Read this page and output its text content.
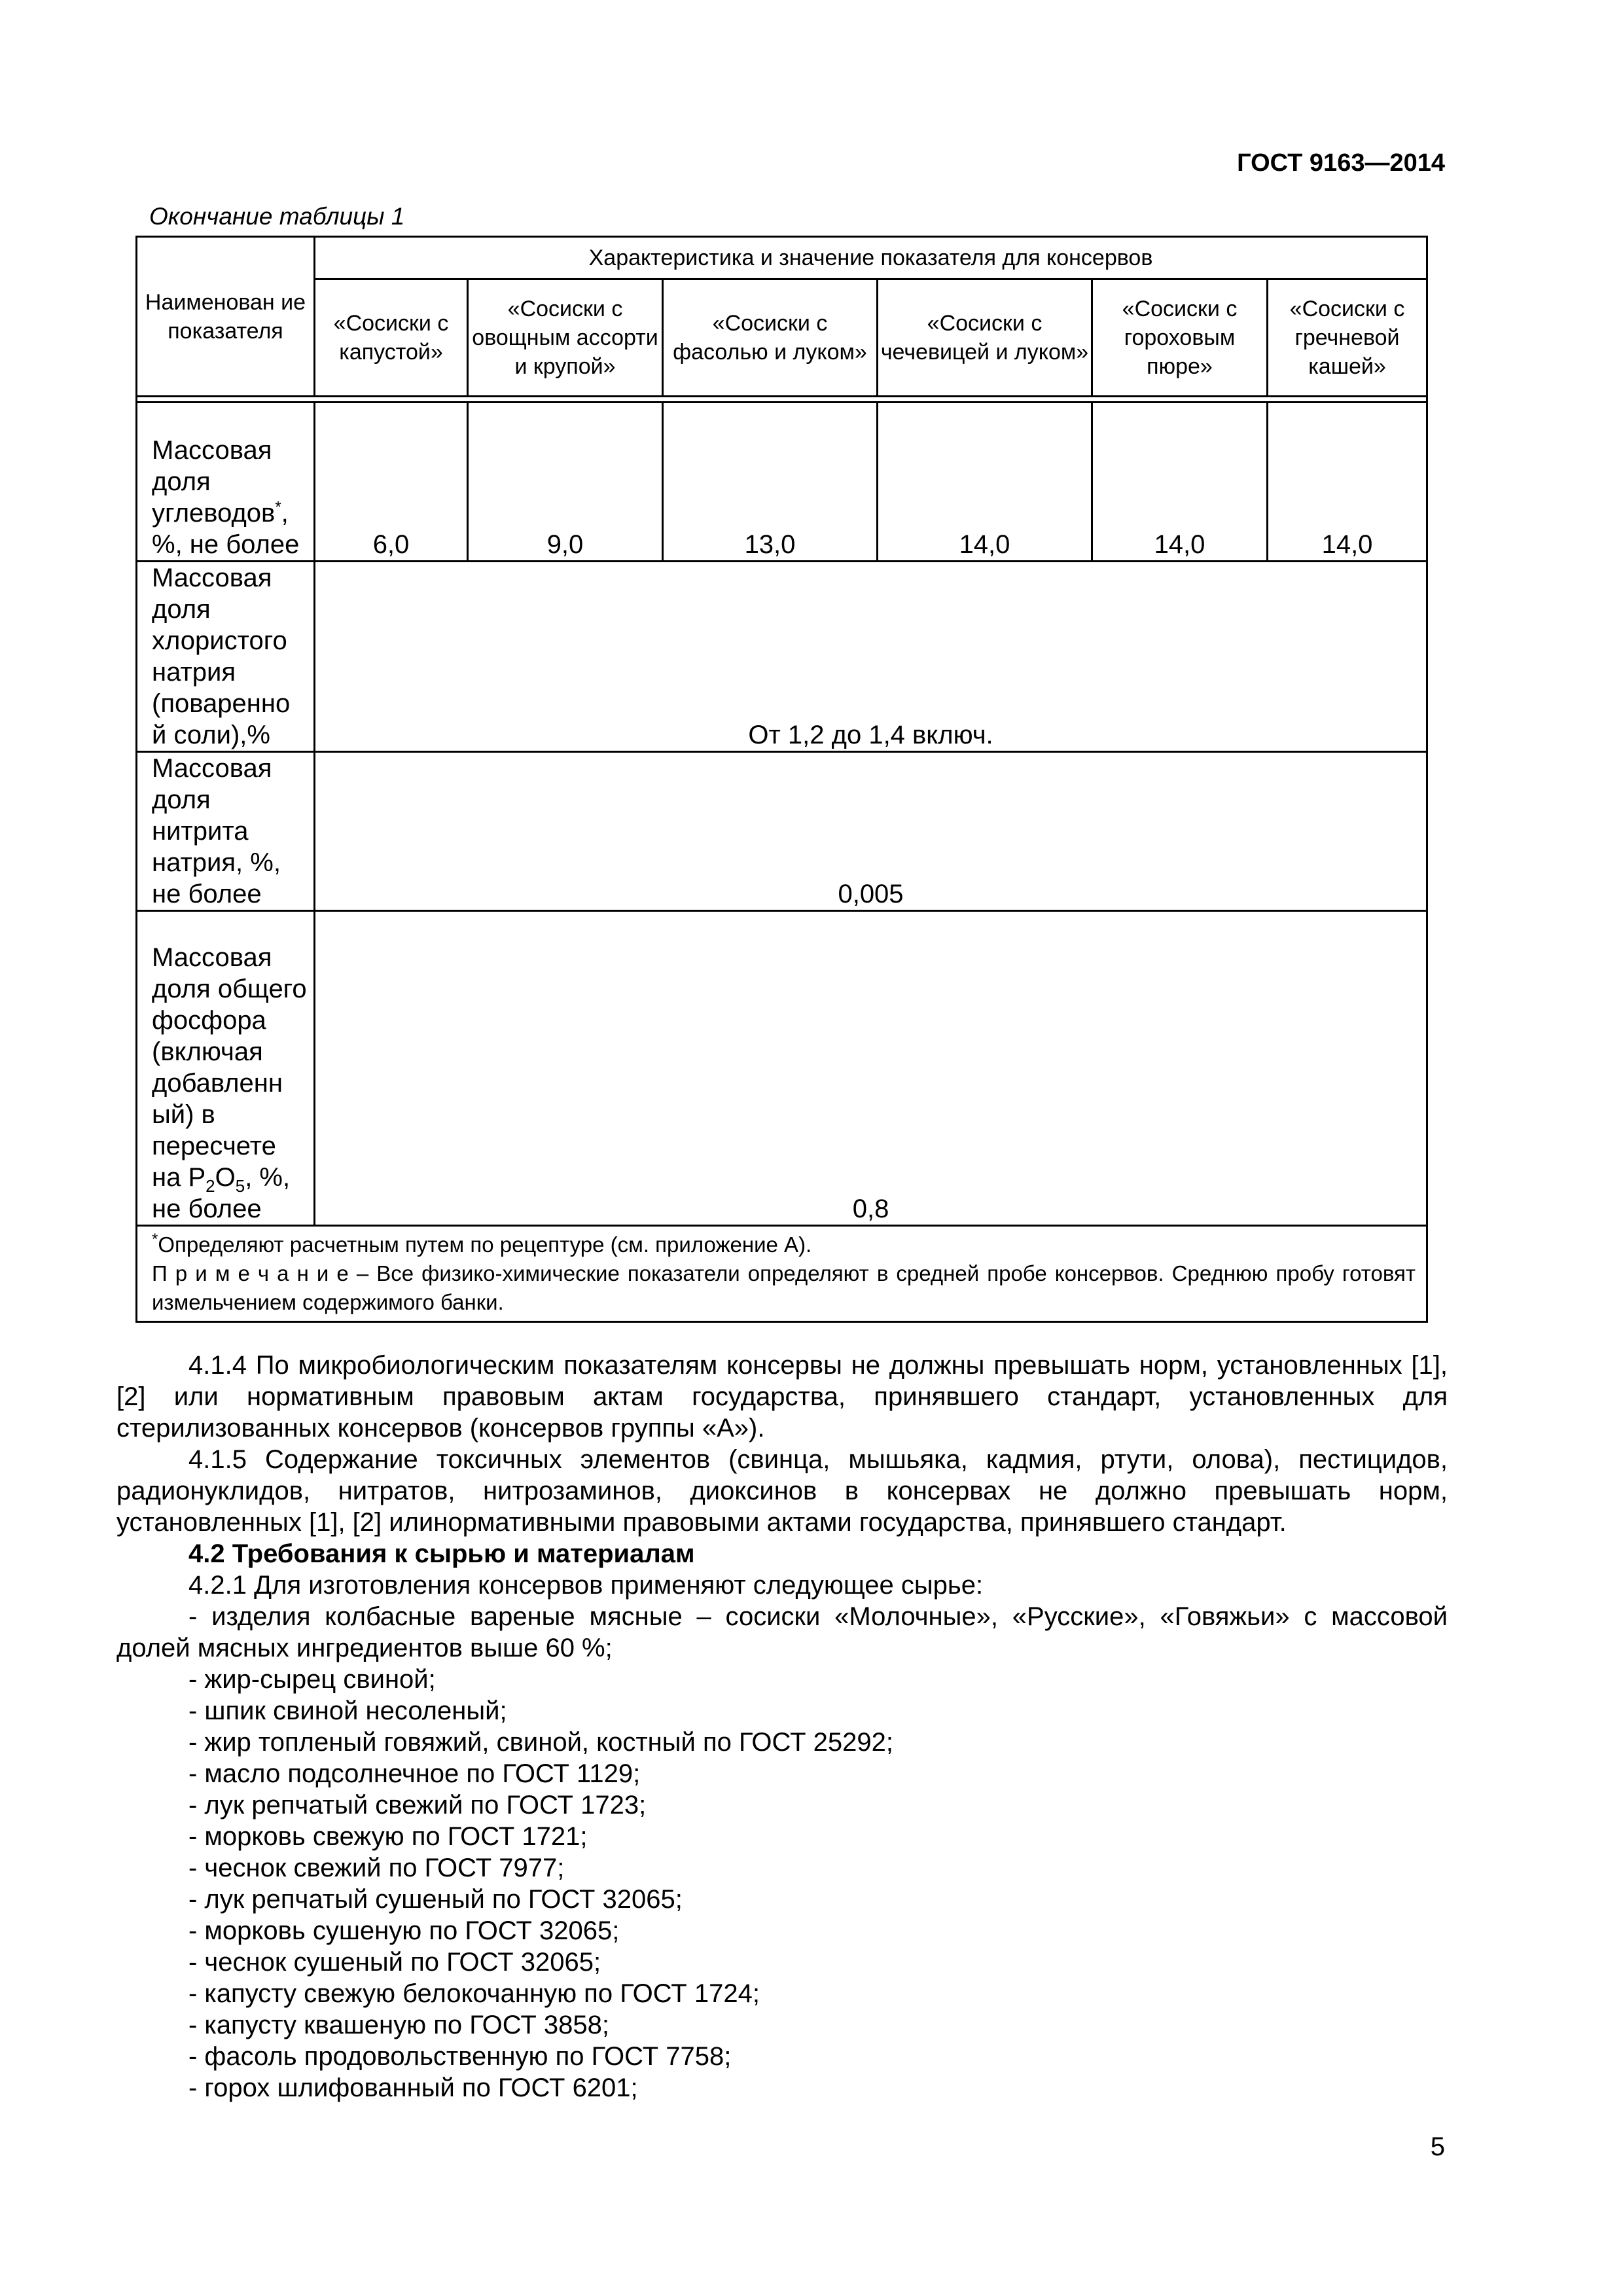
ГОСТ 9163—2014
Окончание таблицы 1
Наименован ие показателя	Характеристика и значение показателя для консервов					
	«Сосиски с капустой»	«Сосиски с овощным ассорти и крупой»	«Сосиски с фасолью и луком»	«Сосиски с чечевицей и луком»	«Сосиски с гороховым пюре»	«Сосиски с гречневой кашей»

Массовая доля углеводов*, %, не более	6,0	9,0	13,0	14,0	14,0	14,0
Массовая доля хлористого натрия (поваренно й соли),%	От 1,2 до 1,4 включ.					
Массовая доля нитрита натрия, %, не более	0,005					
Массовая доля общего фосфора (включая добавленн ый) в пересчете на $P_2O_5$, %, не более	0,8					

*Определяют расчетным путем по рецептуре (см. приложение А).
П р и м е ч а н и е – Все физико-химические показатели определяют в средней пробе консервов. Среднюю пробу готовят измельчением содержимого банки.						
4.1.4 По микробиологическим показателям консервы не должны превышать норм, установленных [1], [2] или нормативным правовым актам государства, принявшего стандарт, установленных для стерилизованных консервов (консервов группы «А»).
4.1.5 Содержание токсичных элементов (свинца, мышьяка, кадмия, ртути, олова), пестицидов, радионуклидов, нитратов, нитрозаминов, диоксинов в консервах не должно превышать норм, установленных [1], [2] илинормативными правовыми актами государства, принявшего стандарт.
4.2 Требования к сырью и материалам
4.2.1 Для изготовления консервов применяют следующее сырье:
- изделия колбасные вареные мясные – сосиски «Молочные», «Русские», «Говяжьи» с массовой долей мясных ингредиентов выше 60 %;
- жир-сырец свиной;
- шпик свиной несоленый;
- жир топленый говяжий, свиной, костный по ГОСТ 25292;
- масло подсолнечное по ГОСТ 1129;
- лук репчатый свежий по ГОСТ 1723;
- морковь свежую по ГОСТ 1721;
- чеснок свежий по ГОСТ 7977;
- лук репчатый сушеный по ГОСТ 32065;
- морковь сушеную по ГОСТ 32065;
- чеснок сушеный по ГОСТ 32065;
- капусту свежую белокочанную по ГОСТ 1724;
- капусту квашеную по ГОСТ 3858;
- фасоль продовольственную по ГОСТ 7758;
- горох шлифованный по ГОСТ 6201;
5
